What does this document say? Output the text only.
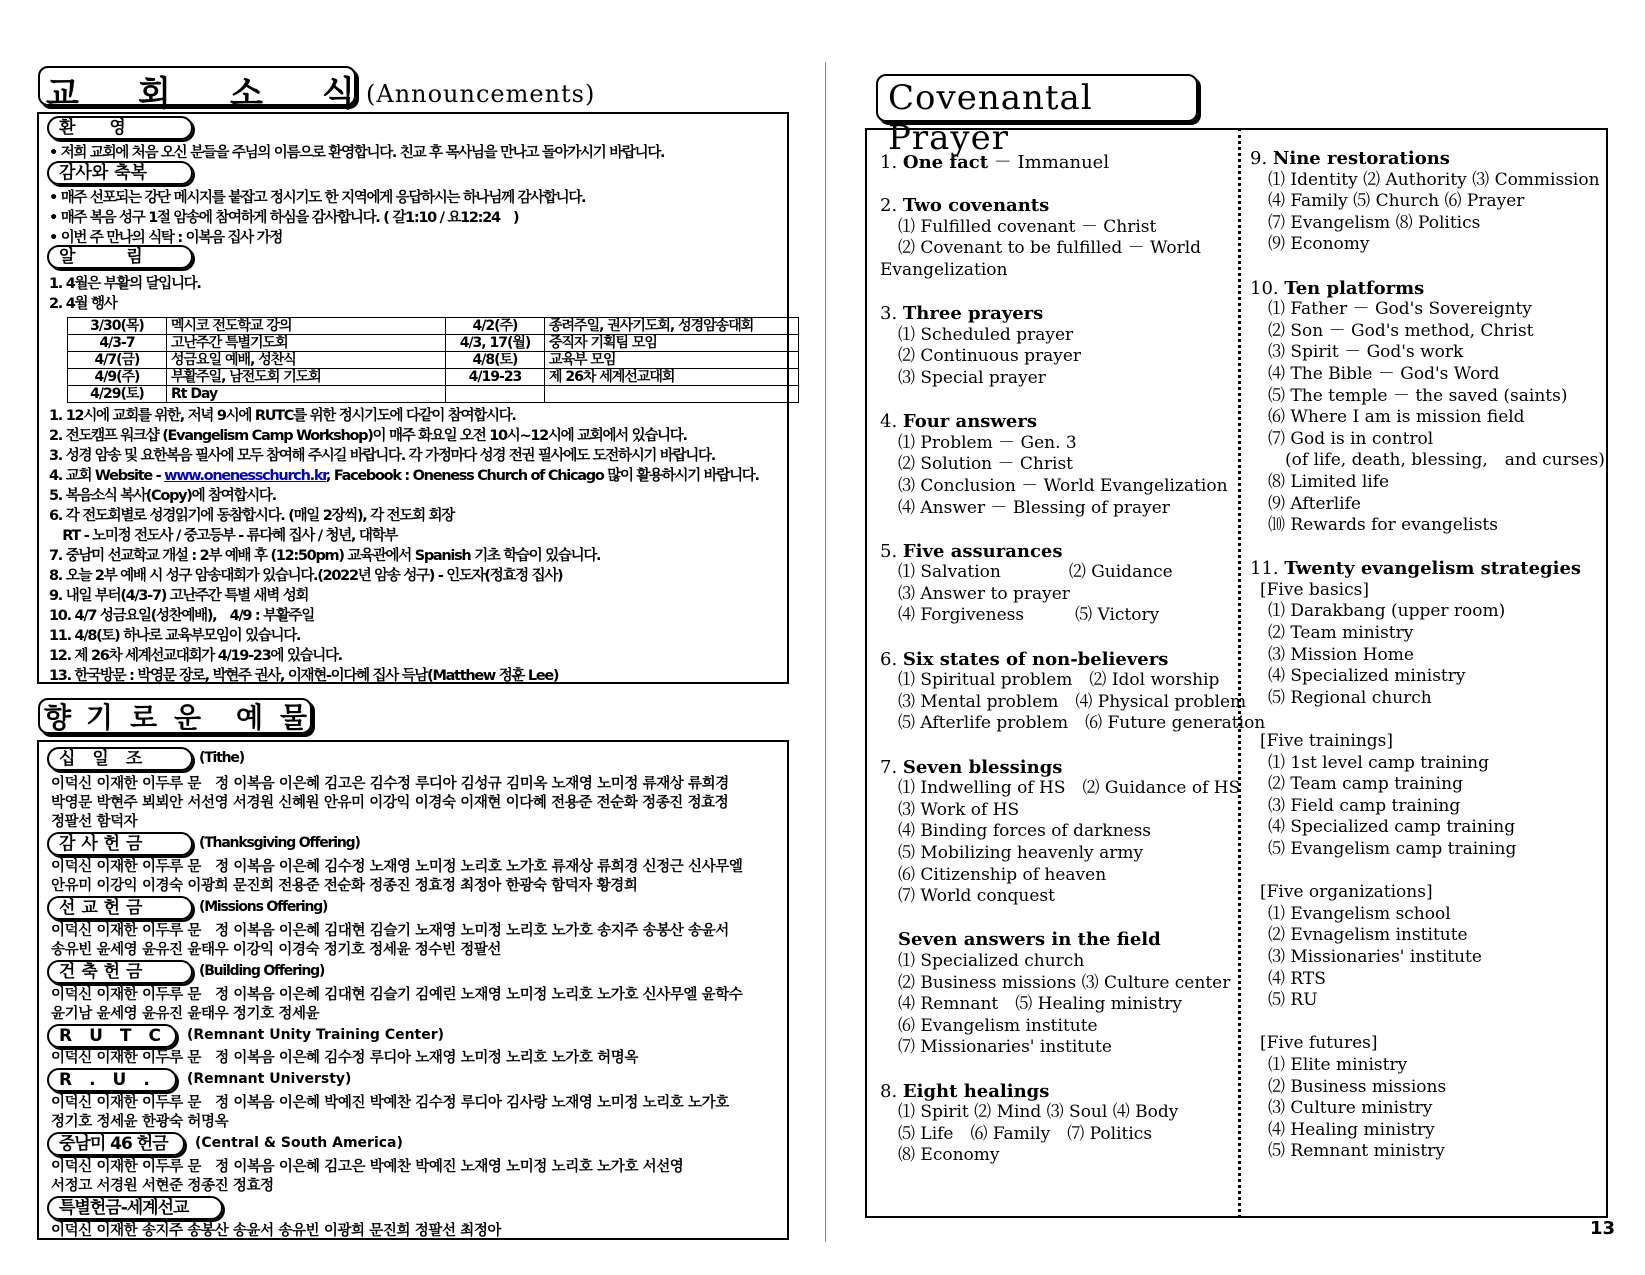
교 회 소 식 (Announcements)
환　　영
• 저희 교회에 처음 오신 분들을 주님의 이름으로 환영합니다. 친교 후 목사님을 만나고 돌아가시기 바랍니다.
감사와 축복
• 매주 선포되는 강단 메시지를 붙잡고 정시기도 한 지역에게 응답하시는 하나님께 감사합니다.
• 매주 복음 성구 1절 암송에 참여하게 하심을 감사합니다. ( 갈1:10 / 요12:24　)
• 이번 주 만나의 식탁 : 이복음 집사 가정
알　　　림
1. 4월은 부활의 달입니다.
2. 4월 행사
3/30(목)	멕시코 전도학교 강의	4/2(주)	종려주일, 권사기도회, 성경암송대회
4/3-7	고난주간 특별기도회	4/3, 17(월)	중직자 기획팀 모임
4/7(금)	성금요일 예배, 성찬식	4/8(토)	교육부 모임
4/9(주)	부활주일, 남전도회 기도회	4/19-23	제 26차 세계선교대회
4/29(토)	Rt Day		
1. 12시에 교회를 위한, 저녁 9시에 RUTC를 위한 정시기도에 다같이 참여합시다.
2. 전도캠프 워크샵 (Evangelism Camp Workshop)이 매주 화요일 오전 10시~12시에 교회에서 있습니다.
3. 성경 암송 및 요한복음 필사에 모두 참여해 주시길 바랍니다. 각 가정마다 성경 전권 필사에도 도전하시기 바랍니다.
4. 교회 Website - www.onenesschurch.kr, Facebook : Oneness Church of Chicago 많이 활용하시기 바랍니다.
5. 복음소식 복사(Copy)에 참여합시다.
6. 각 전도회별로 성경읽기에 동참합시다. (매일 2장씩), 각 전도회 회장
　RT - 노미정 전도사 / 중고등부 - 류다혜 집사 / 청년, 대학부
7. 중남미 선교학교 개설 : 2부 예배 후 (12:50pm) 교육관에서 Spanish 기초 학습이 있습니다.
8. 오늘 2부 예배 시 성구 암송대회가 있습니다.(2022년 암송 성구) - 인도자(정효정 집사)
9. 내일 부터(4/3-7) 고난주간 특별 새벽 성회
10. 4/7 성금요일(성찬예배),　4/9 : 부활주일
11. 4/8(토) 하나로 교육부모임이 있습니다.
12. 제 26차 세계선교대회가 4/19-23에 있습니다.
13. 한국방문 : 박영문 장로, 박현주 권사, 이재현-이다혜 집사 득남(Matthew 정훈 Lee)
향 기 로 운 예 물
십　일　조	(Tithe)
이덕신 이재한 이두루 문　정 이복음 이은혜 김고은 김수정 루디아 김성규 김미옥 노재영 노미정 류재상 류희경
박영문 박현주 뵈뵈안 서선영 서경원 신혜원 안유미 이강익 이경숙 이재현 이다혜 전용준 전순화 정종진 정효정
정팔선 함덕자
감 사 헌 금	(Thanksgiving Offering)
이덕신 이재한 이두루 문　정 이복음 이은혜 김수정 노재영 노미정 노리호 노가호 류재상 류희경 신정근 신사무엘
안유미 이강익 이경숙 이광희 문진희 전용준 전순화 정종진 정효정 최정아 한광숙 함덕자 황경희
선 교 헌 금	(Missions Offering)
이덕신 이재한 이두루 문　정 이복음 이은혜 김대현 김슬기 노재영 노미정 노리호 노가호 송지주 송봉산 송윤서
송유빈 윤세영 윤유진 윤태우 이강익 이경숙 정기호 정세윤 정수빈 정팔선
건 축 헌 금	(Building Offering)
이덕신 이재한 이두루 문　정 이복음 이은혜 김대현 김슬기 김예린 노재영 노미정 노리호 노가호 신사무엘 윤학수
윤기남 윤세영 윤유진 윤태우 정기호 정세윤
R　U　T　C	(Remnant Unity Training Center)
이덕신 이재한 이두루 문　정 이복음 이은혜 김수정 루디아 노재영 노미정 노리호 노가호 허명옥
R　.　U　.	(Remnant Universty)
이덕신 이재한 이두루 문　정 이복음 이은혜 박예진 박예찬 김수정 루디아 김사랑 노재영 노미정 노리호 노가호
정기호 정세윤 한광숙 허명옥
중남미 46 헌금	(Central & South America)
이덕신 이재한 이두루 문　정 이복음 이은혜 김고은 박예찬 박예진 노재영 노미정 노리호 노가호 서선영
서정고 서경원 서현준 정종진 정효정
특별헌금-세계선교
이덕신 이재한 송지주 송봉산 송윤서 송유빈 이광희 문진희 정팔선 최정아
Covenantal Prayer
1. One fact － Immanuel
2. Two covenants
⑴ Fulfilled covenant － Christ
⑵ Covenant to be fulfilled － World
Evangelization
3. Three prayers
⑴ Scheduled prayer
⑵ Continuous prayer
⑶ Special prayer
4. Four answers
⑴ Problem － Gen. 3
⑵ Solution － Christ
⑶ Conclusion － World Evangelization
⑷ Answer － Blessing of prayer
5. Five assurances
⑴ Salvation　　　　⑵ Guidance
⑶ Answer to prayer
⑷ Forgiveness　　　⑸ Victory
6. Six states of non-believers
⑴ Spiritual problem　⑵ Idol worship
⑶ Mental problem　⑷ Physical problem
⑸ Afterlife problem　⑹ Future generation
7. Seven blessings
⑴ Indwelling of HS　⑵ Guidance of HS
⑶ Work of HS
⑷ Binding forces of darkness
⑸ Mobilizing heavenly army
⑹ Citizenship of heaven
⑺ World conquest
Seven answers in the field
⑴ Specialized church
⑵ Business missions ⑶ Culture center
⑷ Remnant　⑸ Healing ministry
⑹ Evangelism institute
⑺ Missionaries' institute
8. Eight healings
⑴ Spirit ⑵ Mind ⑶ Soul ⑷ Body
⑸ Life　⑹ Family　⑺ Politics
⑻ Economy
9. Nine restorations
⑴ Identity ⑵ Authority ⑶ Commission
⑷ Family ⑸ Church ⑹ Prayer
⑺ Evangelism ⑻ Politics
⑼ Economy
10. Ten platforms
⑴ Father － God's Sovereignty
⑵ Son － God's method, Christ
⑶ Spirit － God's work
⑷ The Bible － God's Word
⑸ The temple － the saved (saints)
⑹ Where I am is mission field
⑺ God is in control
　(of life, death, blessing,　and curses)
⑻ Limited life
⑼ Afterlife
⑽ Rewards for evangelists
11. Twenty evangelism strategies
[Five basics]
⑴ Darakbang (upper room)
⑵ Team ministry
⑶ Mission Home
⑷ Specialized ministry
⑸ Regional church

[Five trainings]
⑴ 1st level camp training
⑵ Team camp training
⑶ Field camp training
⑷ Specialized camp training
⑸ Evangelism camp training

[Five organizations]
⑴ Evangelism school
⑵ Evnagelism institute
⑶ Missionaries' institute
⑷ RTS
⑸ RU

[Five futures]
⑴ Elite ministry
⑵ Business missions
⑶ Culture ministry
⑷ Healing ministry
⑸ Remnant ministry
13
